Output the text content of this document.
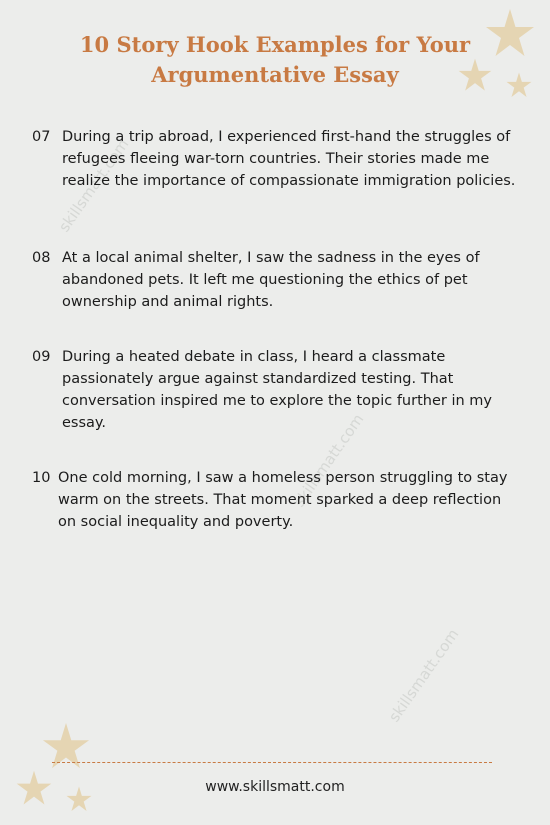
skillsmatt.com
skillsmatt.com
skillsmatt.com
10 Story Hook Examples for Your
Argumentative Essay
07 During a trip abroad, I experienced first-hand the struggles of refugees fleeing war-torn countries. Their stories made me realize the importance of compassionate immigration policies.
08 At a local animal shelter, I saw the sadness in the eyes of abandoned pets. It left me questioning the ethics of pet ownership and animal rights.
09 During a heated debate in class, I heard a classmate passionately argue against standardized testing. That conversation inspired me to explore the topic further in my essay.
10 One cold morning, I saw a homeless person struggling to stay warm on the streets. That moment sparked a deep reflection on social inequality and poverty.
www.skillsmatt.com
